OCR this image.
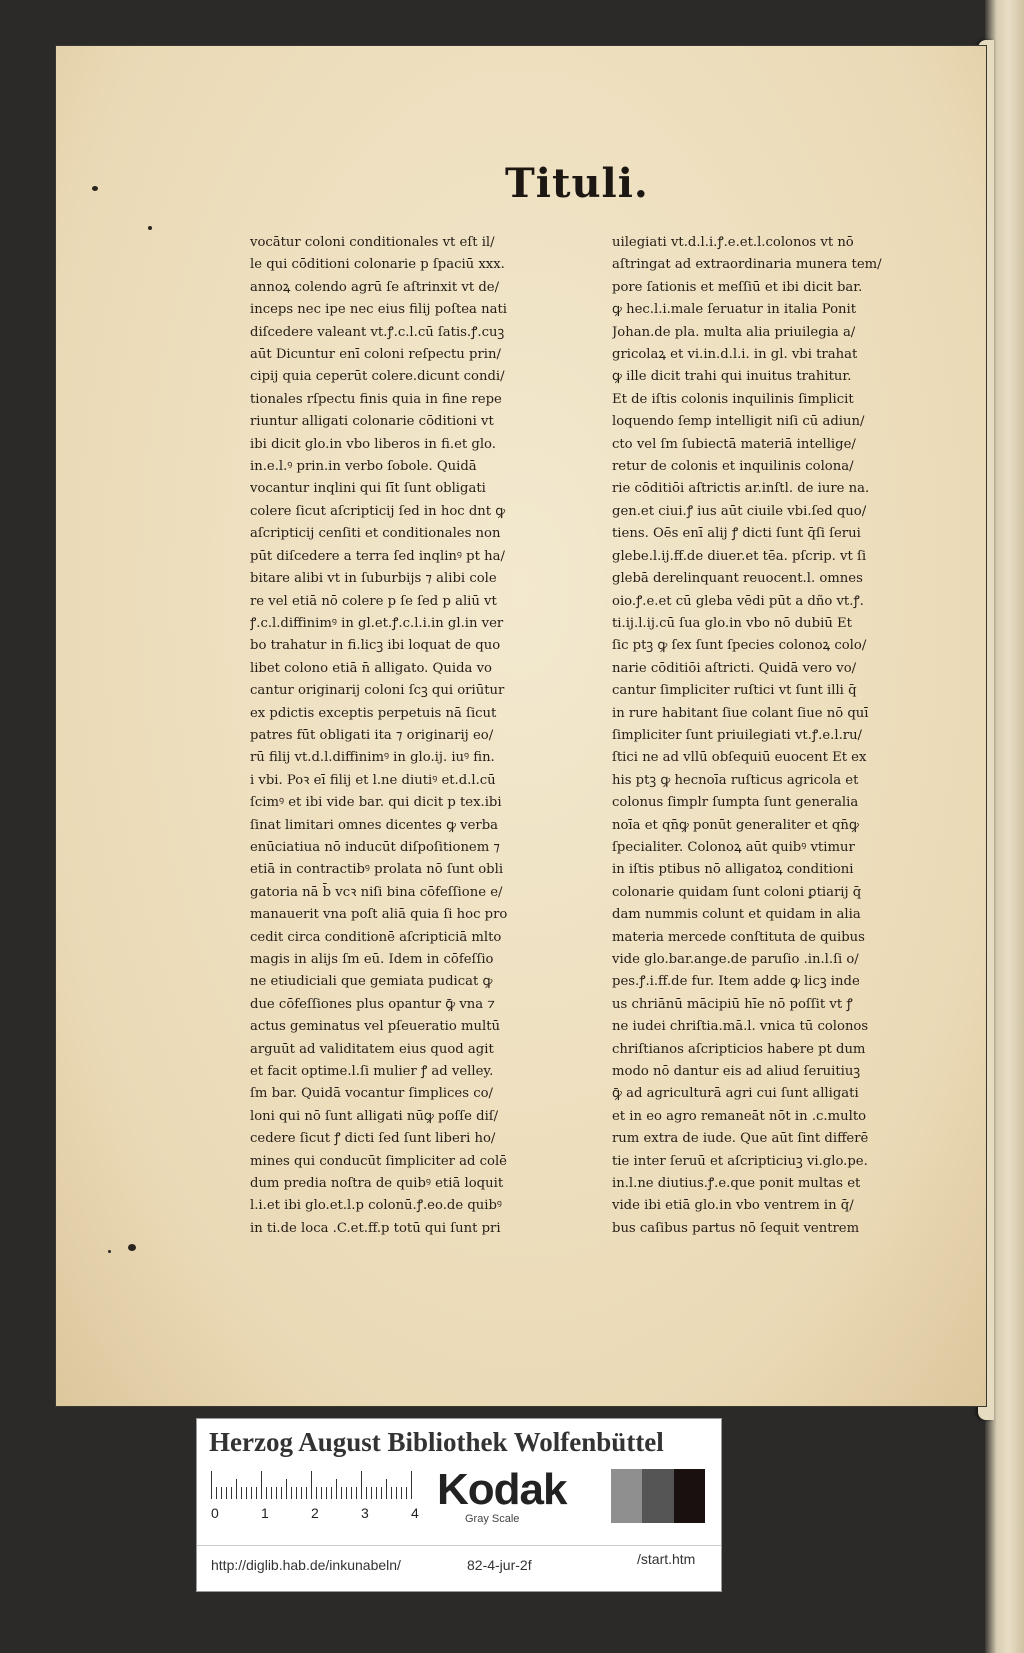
Tituli.
vocātur coloni conditionales vt eſt il/
le qui cōditioni colonarie p ſpaciū xxx.
annoꝝ colendo agrū ſe aſtrinxit vt de/
inceps nec ipe nec eius filij poſtea nati
diſcedere valeant vt.ꝭ.c.l.cū ſatis.ꝭ.cuꝫ
aūt Dicuntur enī coloni reſpectu prin/
cipij quia ceperūt colere.dicunt condi/
tionales rſpectu finis quia in fine repe
riuntur alligati colonarie cōditioni vt
ibi dicit glo.in vbo liberos in fi.et glo.
in.e.l.ꝰ prin.in verbo ſobole. Quidā
vocantur inqlini qui ſīt ſunt obligati
colere ſicut aſcripticij ſed in hoc dnt ꝙ
aſcripticij cenſiti et conditionales non
pūt diſcedere a terra ſed inqlinꝰ pt ha/
bitare alibi vt in ſuburbijs ⁊ alibi cole
re vel etiā nō colere p ſe ſed p aliū vt
ꝭ.c.l.diffinimꝰ in gl.et.ꝭ.c.l.i.in gl.in ver
bo trahatur in fi.licꝫ ibi loquat de quo
libet colono etiā n̄ alligato. Quida vo
cantur originarij coloni ſcꝫ qui oriūtur
ex pdictis exceptis perpetuis nā ſicut
patres fūt obligati ita ⁊ originarij eo/
rū filij vt.d.l.diffinimꝰ in glo.ij. iuꝰ fin.
i vbi. Poꝛ eī filij et l.ne diutiꝰ et.d.l.cū
ſcimꝰ et ibi vide bar. qui dicit p tex.ibi
ſinat limitari omnes dicentes ꝙ verba
enūciatiua nō inducūt diſpoſitionem ⁊
etiā in contractibꝰ prolata nō ſunt obli
gatoria nā b̄ vcꝛ niſi bina cōfeſſione e/
manauerit vna poſt aliā quia ſi hoc pro
cedit circa conditionē aſcripticiā mlto
magis in alijs ſm eū. Idem in cōfeſſio
ne etiudiciali que gemiata pudicat ꝙ
due cōfeſſiones plus opantur ꝙ̄ vna ⁊
actus geminatus vel pſeueratio multū
arguūt ad validitatem eius quod agit
et facit optime.l.ſi mulier ꝭ ad velley.
ſm bar. Quidā vocantur ſimplices co/
loni qui nō ſunt alligati nūꝙ poſſe diſ/
cedere ſicut ꝭ dicti ſed ſunt liberi ho/
mines qui conducūt ſimpliciter ad colē
dum predia noſtra de quibꝰ etiā loquit
l.i.et ibi glo.et.l.p colonū.ꝭ.eo.de quibꝰ
in ti.de loca .C.et.ff.p totū qui ſunt pri
uilegiati vt.d.l.i.ꝭ.e.et.l.colonos vt nō
aſtringat ad extraordinaria munera tem/
pore ſationis et meſſiū et ibi dicit bar.
ꝙ hec.l.i.male ſeruatur in italia Ponit
Johan.de pla. multa alia priuilegia a/
gricolaꝝ et vi.in.d.l.i. in gl. vbi trahat
ꝙ ille dicit trahi qui inuitus trahitur.
Et de iſtis colonis inquilinis ſimplicit
loquendo ſemp intelligit niſi cū adiun/
cto vel ſm ſubiectā materiā intellige/
retur de colonis et inquilinis colona/
rie cōditiōi aſtrictis ar.inſtl. de iure na.
gen.et ciui.ꝭ ius aūt ciuile vbi.ſed quo/
tiens. Oēs enī alij ꝭ dicti ſunt q̄ſi ſerui
glebe.l.ij.ff.de diuer.et tēa. pſcrip. vt ſi
glebā derelinquant reuocent.l. omnes
oio.ꝭ.e.et cū gleba vēdi pūt a dño vt.ꝭ.
ti.ij.l.ij.cū ſua glo.in vbo nō dubiū Et
ſic ptꝫ ꝙ ſex ſunt ſpecies colonoꝝ colo/
narie cōditiōi aſtricti. Quidā vero vo/
cantur ſimpliciter ruſtici vt ſunt illi q̄
in rure habitant ſiue colant ſiue nō quī
ſimpliciter ſunt priuilegiati vt.ꝭ.e.l.ru/
ſtici ne ad vllū obſequiū euocent Et ex
his ptꝫ ꝙ hecnoīa ruſticus agricola et
colonus ſimplr ſumpta ſunt generalia
noīa et qn̄ꝙ ponūt generaliter et qn̄ꝙ
ſpecialiter. Colonoꝝ aūt quibꝰ vtimur
in iſtis ptibus nō alligatoꝝ conditioni
colonarie quidam ſunt coloni ꝑtiarij q̄
dam nummis colunt et quidam in alia
materia mercede conſtituta de quibus
vide glo.bar.ange.de paruſio .in.l.ſi o/
pes.ꝭ.i.ff.de fur. Item adde ꝙ licꝫ inde
us chriānū mācipiū hīe nō poſſit vt ꝭ
ne iudei chriſtia.mā.l. vnica tū colonos
chriſtianos aſcripticios habere pt dum
modo nō dantur eis ad aliud ſeruitiuꝫ
ꝙ̄ ad agriculturā agri cui ſunt alligati
et in eo agro remaneāt nōt in .c.multo
rum extra de iude. Que aūt ſint differē
tie inter ſeruū et aſcripticiuꝫ vi.glo.pe.
in.l.ne diutius.ꝭ.e.que ponit multas et
vide ibi etiā glo.in vbo ventrem in q̄/
bus caſibus partus nō ſequit ventrem
Herzog August Bibliothek Wolfenbüttel
0	1	2	3	4 Kodak
Gray Scale
http://diglib.hab.de/inkunabeln/	82-4-jur-2f	/start.htm
